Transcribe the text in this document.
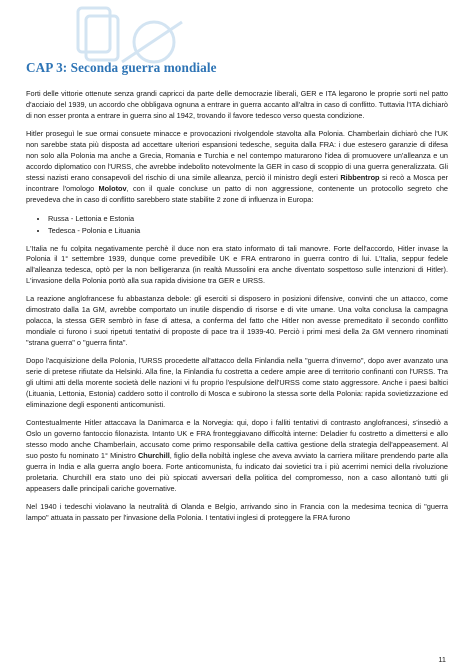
CAP 3: Seconda guerra mondiale

Forti delle vittorie ottenute senza grandi capricci da parte delle democrazie liberali, GER e ITA legarono le proprie sorti nel patto d'acciaio del 1939, un accordo che obbligava ognuna a entrare in guerra accanto all'altra in caso di conflitto. Tuttavia l'ITA dichiarò di non esser pronta a entrare in guerra sino al 1942, trovando il favore tedesco verso questa condizione.

Hitler proseguì le sue ormai consuete minacce e provocazioni rivolgendole stavolta alla Polonia. Chamberlain dichiarò che l'UK non sarebbe stata più disposta ad accettare ulteriori espansioni tedesche, seguita dalla FRA: i due estesero garanzie di difesa non solo alla Polonia ma anche a Grecia, Romania e Turchia e nel contempo maturarono l'idea di promuovere un'alleanza e un accordo diplomatico con l'URSS, che avrebbe indebolito notevolmente la GER in caso di scoppio di una guerra generalizzata. Gli stessi nazisti erano consapevoli del rischio di una simile alleanza, perciò il ministro degli esteri Ribbentrop si recò a Mosca per incontrare l'omologo Molotov, con il quale concluse un patto di non aggressione, contenente un protocollo segreto che prevedeva che in caso di conflitto sarebbero state stabilite 2 zone di influenza in Europa:

• Russa - Lettonia e Estonia
• Tedesca - Polonia e Lituania

L'Italia ne fu colpita negativamente perchè il duce non era stato informato di tali manovre. Forte dell'accordo, Hitler invase la Polonia il 1° settembre 1939, dunque come prevedibile UK e FRA entrarono in guerra contro di lui. L'Italia, seppur fedele all'alleanza tedesca, optò per la non belligeranza (in realtà Mussolini era anche diventato sospettoso sulle intenzioni di Hitler). L'invasione della Polonia portò alla sua rapida divisione tra GER e URSS.

La reazione anglofrancese fu abbastanza debole: gli eserciti si disposero in posizioni difensive, convinti che un attacco, come dimostrato dalla 1a GM, avrebbe comportato un inutile dispendio di risorse e di vite umane. Una volta conclusa la campagna polacca, la stessa GER sembrò in fase di attesa, a conferma del fatto che Hitler non avesse premeditato il secondo conflitto mondiale ci furono i suoi ripetuti tentativi di proposte di pace tra il 1939-40. Perciò i primi mesi della 2a GM vennero rinominati "strana guerra" o "guerra finta".

Dopo l'acquisizione della Polonia, l'URSS procedette all'attacco della Finlandia nella "guerra d'inverno", dopo aver avanzato una serie di pretese rifiutate da Helsinki. Alla fine, la Finlandia fu costretta a cedere ampie aree di territorio confinanti con l'URSS. Tra gli ultimi atti della morente società delle nazioni vi fu proprio l'espulsione dell'URSS come stato aggressore. Anche i paesi baltici (Lituania, Lettonia, Estonia) caddero sotto il controllo di Mosca e subirono la stessa sorte della Polonia: rapida sovietizzazione ed eliminazione degli esponenti anticomunisti.

Contestualmente Hitler attaccava la Danimarca e la Norvegia: qui, dopo i falliti tentativi di contrasto anglofrancesi, s'insediò a Oslo un governo fantoccio filonazista. Intanto UK e FRA fronteggiavano difficoltà interne: Deladier fu costretto a dimettersi e allo stesso modo anche Chamberlain, accusato come primo responsabile della cattiva gestione della strategia dell'appeasement. Al suo posto fu nominato 1° Ministro Churchill, figlio della nobiltà inglese che aveva avviato la carriera militare prendendo parte alla guerra in India e alla guerra anglo boera. Forte anticomunista, fu indicato dai sovietici tra i più acerrimi nemici della rivoluzione proletaria. Churchill era stato uno dei più spiccati avversari della politica del compromesso, non a caso allontanò tutti gli appeasers dalle principali cariche governative.

Nel 1940 i tedeschi violavano la neutralità di Olanda e Belgio, arrivando sino in Francia con la medesima tecnica di "guerra lampo" attuata in passato per l'invasione della Polonia. I tentativi inglesi di proteggere la FRA furono

11
